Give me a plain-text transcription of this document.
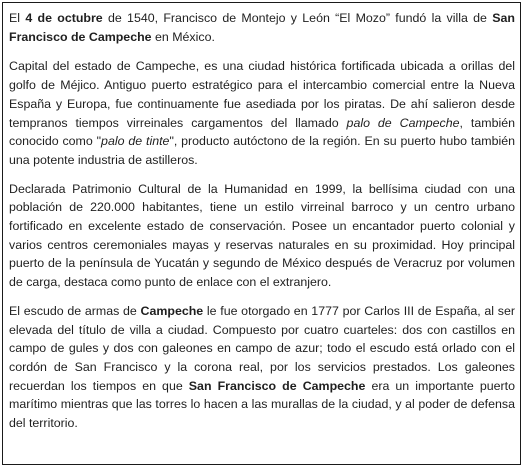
El 4 de octubre de 1540, Francisco de Montejo y León “El Mozo” fundó la villa de San Francisco de Campeche en México.

Capital del estado de Campeche, es una ciudad histórica fortificada ubicada a orillas del golfo de Méjico. Antiguo puerto estratégico para el intercambio comercial entre la Nueva España y Europa, fue continuamente fue asediada por los piratas. De ahí salieron desde tempranos tiempos virreinales cargamentos del llamado palo de Campeche, también conocido como "palo de tinte", producto autóctono de la región. En su puerto hubo también una potente industria de astilleros.

Declarada Patrimonio Cultural de la Humanidad en 1999, la bellísima ciudad con una población de 220.000 habitantes, tiene un estilo virreinal barroco y un centro urbano fortificado en excelente estado de conservación. Posee un encantador puerto colonial y varios centros ceremoniales mayas y reservas naturales en su proximidad. Hoy principal puerto de la península de Yucatán y segundo de México después de Veracruz por volumen de carga, destaca como punto de enlace con el extranjero.

El escudo de armas de Campeche le fue otorgado en 1777 por Carlos III de España, al ser elevada del título de villa a ciudad. Compuesto por cuatro cuarteles: dos con castillos en campo de gules y dos con galeones en campo de azur; todo el escudo está orlado con el cordón de San Francisco y la corona real, por los servicios prestados. Los galeones recuerdan los tiempos en que San Francisco de Campeche era un importante puerto marítimo mientras que las torres lo hacen a las murallas de la ciudad, y al poder de defensa del territorio.
